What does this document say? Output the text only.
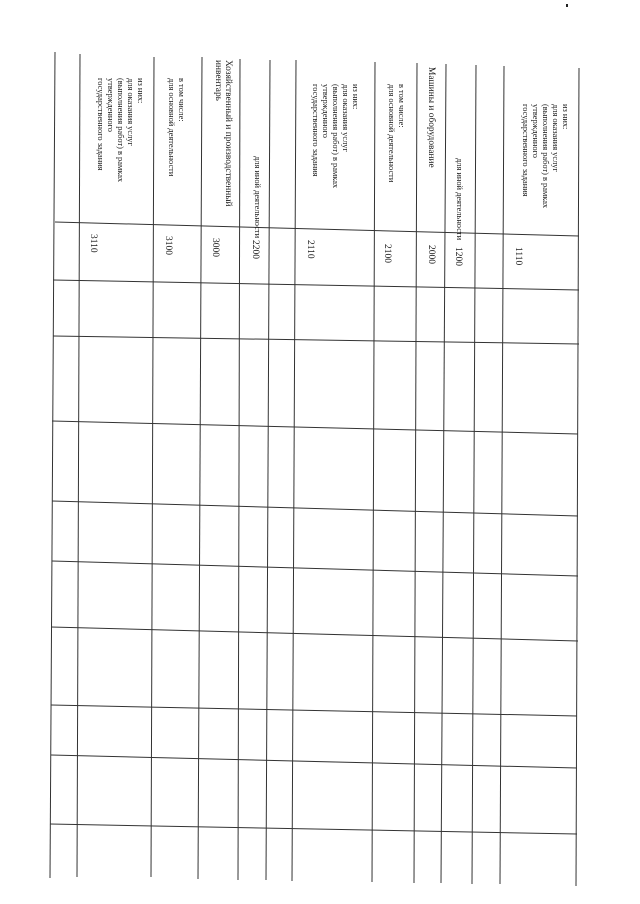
из них:
для оказания услуг
(выполнения работ) в рамках
утвержденного
государственного задания
1110
для иной деятельности
1200
Машины и оборудование
2000
в том числе:
для основной деятельности
2100
из них:
для оказания услуг
(выполнения работ) в рамках
утвержденного
государственного задания
2110
для иной деятельности
2200
Хозяйственный и производственный
инвентарь
3000
в том числе:
для основной деятельности
3100
из них:
для оказания услуг
(выполнения работ) в рамках
утвержденного
государственного задания
3110
